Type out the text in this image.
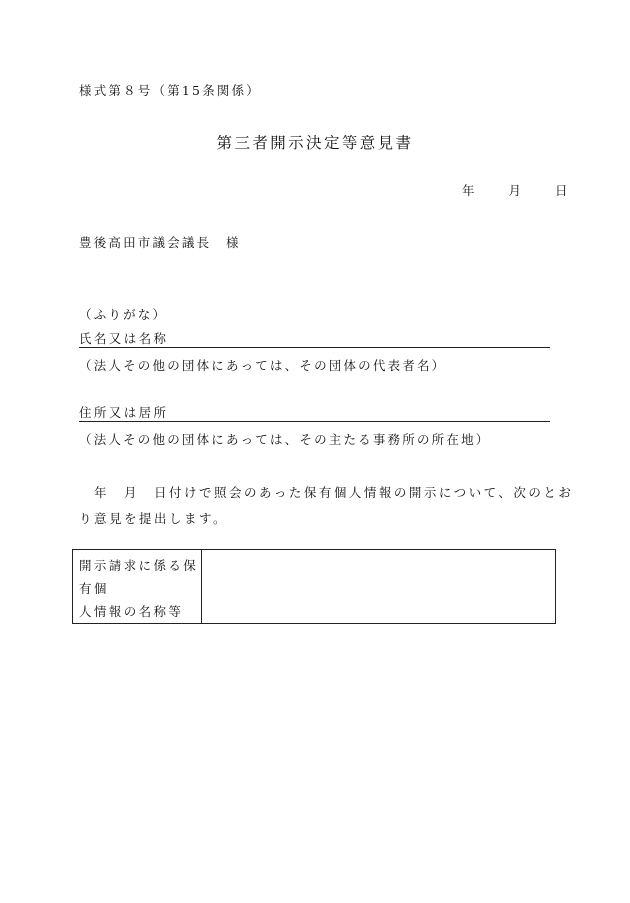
様式第８号（第15条関係）
第三者開示決定等意見書
年	月	日
豊後高田市議会議長　様
（ふりがな）
氏名又は名称
（法人その他の団体にあっては、その団体の代表者名）
住所又は居所
（法人その他の団体にあっては、その主たる事務所の所在地）
　年　月　日付けで照会のあった保有個人情報の開示について、次のとお
り意見を提出します。
開示請求に係る保
有個
人情報の名称等
